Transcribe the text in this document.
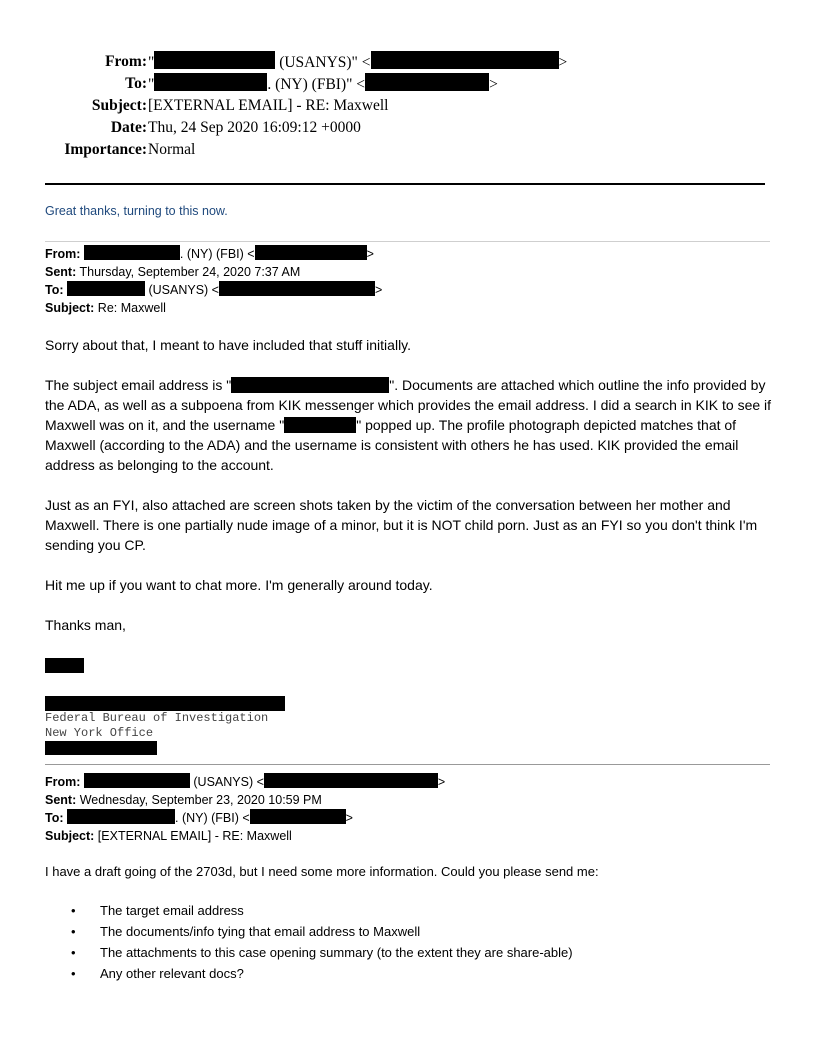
From: "	(USANYS)" <	>
To: "	. (NY) (FBI)" <	>
Subject: [EXTERNAL EMAIL] - RE: Maxwell
Date: Thu, 24 Sep 2020 16:09:12 +0000
Importance: Normal
Great thanks, turning to this now.
From:	. (NY) (FBI) <	>
Sent: Thursday, September 24, 2020 7:37 AM
To:	(USANYS) <	>
Subject: Re: Maxwell

Sorry about that, I meant to have included that stuff initially.

The subject email address is "	". Documents are attached which outline the info provided by the ADA, as well as a subpoena from KIK messenger which provides the email address. I did a search in KIK to see if Maxwell was on it, and the username "	" popped up. The profile photograph depicted matches that of Maxwell (according to the ADA) and the username is consistent with others he has used. KIK provided the email address as belonging to the account.

Just as an FYI, also attached are screen shots taken by the victim of the conversation between her mother and Maxwell. There is one partially nude image of a minor, but it is NOT child porn. Just as an FYI so you don't think I'm sending you CP.

Hit me up if you want to chat more. I'm generally around today.

Thanks man,

Federal Bureau of Investigation
New York Office
From:	(USANYS) <	>
Sent: Wednesday, September 23, 2020 10:59 PM
To:	. (NY) (FBI) <	>
Subject: [EXTERNAL EMAIL] - RE: Maxwell
I have a draft going of the 2703d, but I need some more information. Could you please send me:
• The target email address
• The documents/info tying that email address to Maxwell
• The attachments to this case opening summary (to the extent they are share-able)
• Any other relevant docs?
